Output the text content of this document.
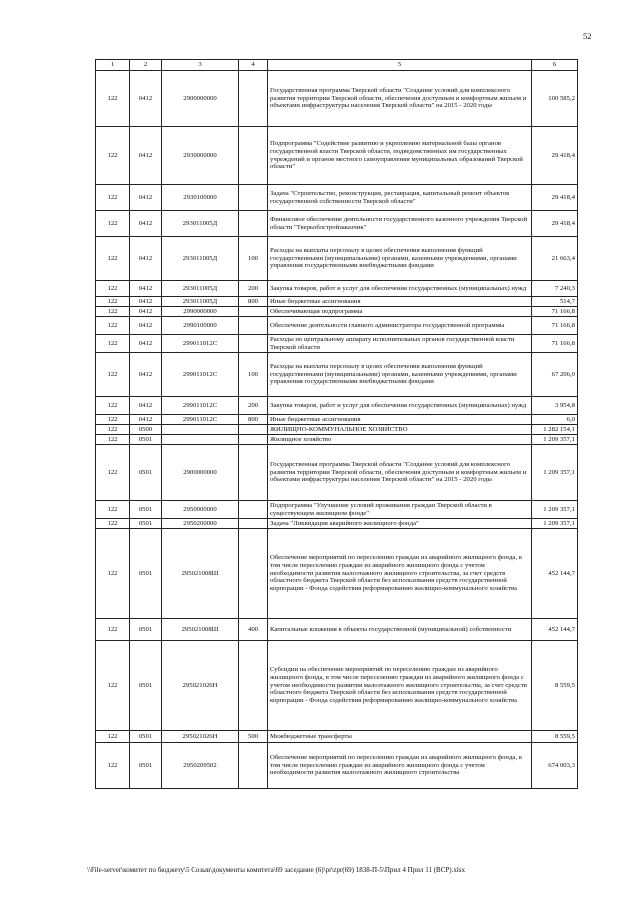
52
1	2	3	4	5	6
122	0412	2900000000		Государственная программа Тверской области "Создание условий для комплексного развития территории Тверской области, обеспечения доступным и комфортным жильем и объектами инфраструктуры населения Тверской области" на 2015 - 2020 годы	100 585,2
122	0412	2930000000		Подпрограмма "Содействие развитию и укреплению материальной базы органов государственной власти Тверской области, подведомственных им государственных учреждений и органов местного самоуправления муниципальных образований Тверской области"	29 418,4
122	0412	2930100000		Задача "Строительство, реконструкция, реставрация, капитальный ремонт объектов государственной собственности Тверской области"	29 418,4
122	0412	293011005Д		Финансовое обеспечение деятельности государственного казенного учреждения Тверской области "Тверьоблстройзаказчик"	29 418,4
122	0412	293011005Д	100	Расходы на выплаты персоналу в целях обеспечения выполнения функций государственными (муниципальными) органами, казенными учреждениями, органами управления государственными внебюджетными фондами	21 663,4
122	0412	293011005Д	200	Закупка товаров, работ и услуг для обеспечения государственных (муниципальных) нужд	7 240,3
122	0412	293011005Д	800	Иные бюджетные ассигнования	514,7
122	0412	2990000000		Обеспечивающая подпрограмма	71 166,8
122	0412	2990100000		Обеспечение деятельности главного администратора государственной программы	71 166,8
122	0412	299011012С		Расходы по центральному аппарату исполнительных органов государственной власти Тверской области	71 166,8
122	0412	299011012С	100	Расходы на выплаты персоналу в целях обеспечения выполнения функций государственными (муниципальными) органами, казенными учреждениями, органами управления государственными внебюджетными фондами	67 206,0
122	0412	299011012С	200	Закупка товаров, работ и услуг для обеспечения государственных (муниципальных) нужд	3 954,8
122	0412	299011012С	800	Иные бюджетные ассигнования	6,0
122	0500			ЖИЛИЩНО-КОММУНАЛЬНОЕ ХОЗЯЙСТВО	1 282 154,1
122	0501			Жилищное хозяйство	1 209 357,1
122	0501	2900000000		Государственная программа Тверской области "Создание условий для комплексного развития территории Тверской области, обеспечения доступным и комфортным жильем и объектами инфраструктуры населения Тверской области" на 2015 - 2020 годы	1 209 357,1
122	0501	2950000000		Подпрограмма "Улучшение условий проживания граждан Тверской области в существующем жилищном фонде"	1 209 357,1
122	0501	2950200000		Задача "Ликвидация аварийного жилищного фонда"	1 209 357,1
122	0501	295021008Ш		Обеспечение мероприятий по переселению граждан из аварийного жилищного фонда, в том числе переселению граждан из аварийного жилищного фонда с учетом необходимости развития малоэтажного жилищного строительства, за счет средств областного бюджета Тверской области без использования средств государственной корпорации - Фонда содействия реформированию жилищно-коммунального хозяйства	452 144,7
122	0501	295021008Ш	400	Капитальные вложения в объекты государственной (муниципальной) собственности	452 144,7
122	0501	295021026Н		Субсидии на обеспечение мероприятий по переселению граждан из аварийного жилищного фонда, в том числе переселению граждан из аварийного жилищного фонда с учетом необходимости развития малоэтажного жилищного строительства, за счет средств областного бюджета Тверской области без использования средств государственной корпорации - Фонда содействия реформированию жилищно-коммунального хозяйства	8 559,5
122	0501	295021026Н	500	Межбюджетные трансферты	8 559,5
122	0501	2950209502		Обеспечение мероприятий по переселению граждан из аварийного жилищного фонда, в том числе переселению граждан из аварийного жилищного фонда с учетом необходимости развития малоэтажного жилищного строительства	674 003,3
\\File-server\комитет по бюджету\5 Созыв\документы комитета\69 заседание (6)\pr\zpr(69) 1838-П-5\Прил 4 Прил 11 (ВСР).xlsx
